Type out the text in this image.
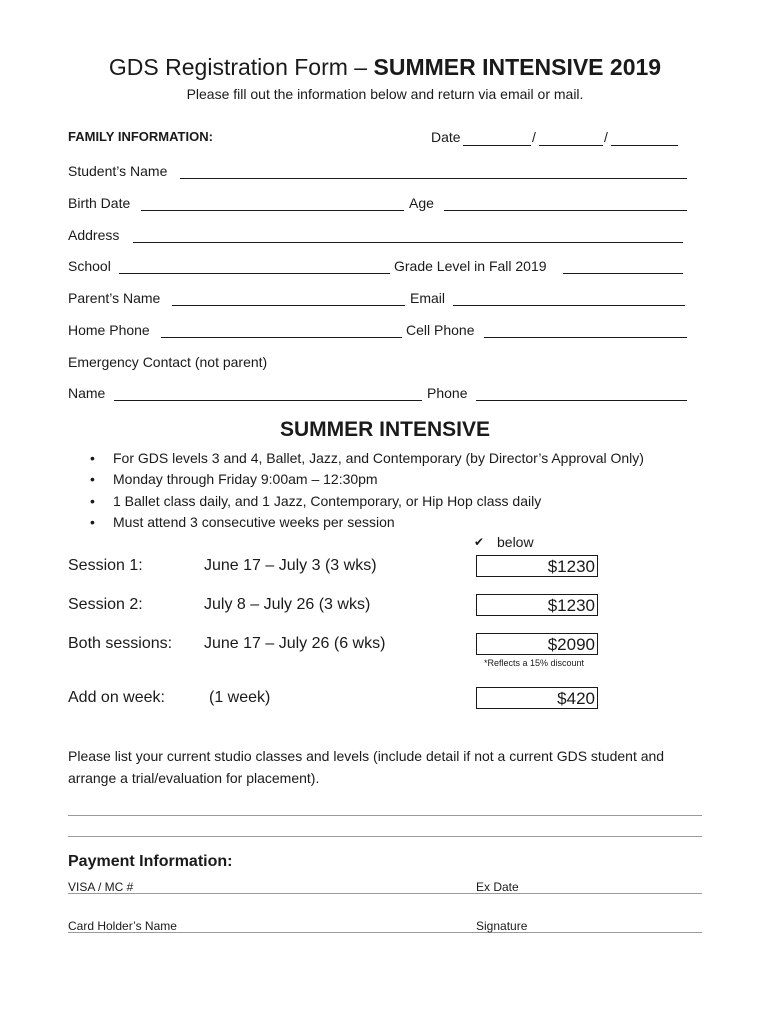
GDS Registration Form – SUMMER INTENSIVE 2019
Please fill out the information below and return via email or mail.
FAMILY INFORMATION:	Date	/	/
Student’s Name
Birth Date	Age
Address
School	Grade Level in Fall 2019
Parent’s Name	Email
Home Phone	Cell Phone
Emergency Contact (not parent)
Name	Phone
SUMMER INTENSIVE
• For GDS levels 3 and 4, Ballet, Jazz, and Contemporary (by Director’s Approval Only)
• Monday through Friday 9:00am – 12:30pm
• 1 Ballet class daily, and 1 Jazz, Contemporary, or Hip Hop class daily
• Must attend 3 consecutive weeks per session
✔ below
Session 1:	June 17 – July 3 (3 wks)	$1230
Session 2:	July 8 – July 26 (3 wks)	$1230
Both sessions: June 17 – July 26 (6 wks)	$2090
*Reflects a 15% discount
Add on week:	(1 week)	$420
Please list your current studio classes and levels (include detail if not a current GDS student and arrange a trial/evaluation for placement).
Payment Information:
VISA / MC #	Ex Date
Card Holder’s Name	Signature
